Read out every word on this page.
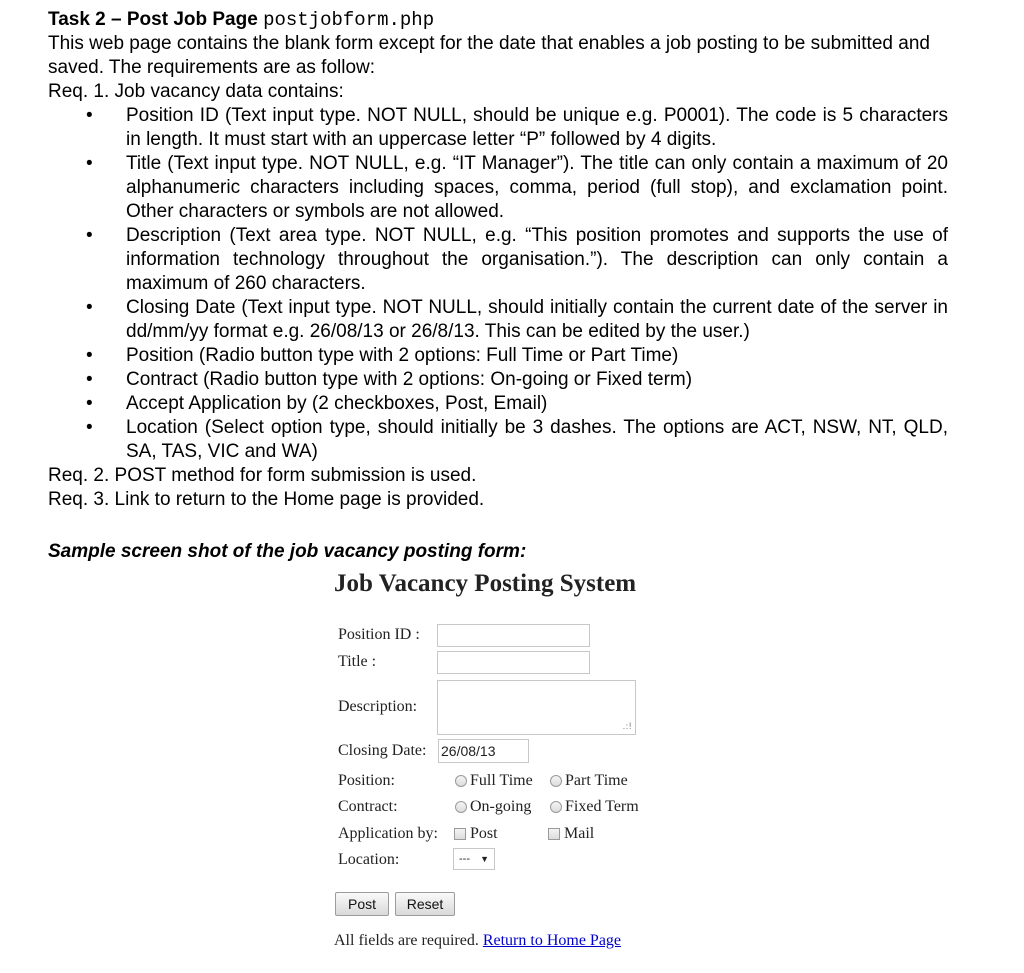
Task 2 – Post Job Page postjobform.php
This web page contains the blank form except for the date that enables a job posting to be submitted and saved. The requirements are as follow:
Req. 1. Job vacancy data contains:
• Position ID (Text input type. NOT NULL, should be unique e.g. P0001). The code is 5 characters in length. It must start with an uppercase letter “P” followed by 4 digits.
• Title (Text input type. NOT NULL, e.g. “IT Manager”). The title can only contain a maximum of 20 alphanumeric characters including spaces, comma, period (full stop), and exclamation point. Other characters or symbols are not allowed.
• Description (Text area type. NOT NULL, e.g. “This position promotes and supports the use of information technology throughout the organisation.”). The description can only contain a maximum of 260 characters.
• Closing Date (Text input type. NOT NULL, should initially contain the current date of the server in dd/mm/yy format e.g. 26/08/13 or 26/8/13. This can be edited by the user.)
• Position (Radio button type with 2 options: Full Time or Part Time)
• Contract (Radio button type with 2 options: On-going or Fixed term)
• Accept Application by (2 checkboxes, Post, Email)
• Location (Select option type, should initially be 3 dashes. The options are ACT, NSW, NT, QLD, SA, TAS, VIC and WA)
Req. 2. POST method for form submission is used.
Req. 3. Link to return to the Home page is provided.
Sample screen shot of the job vacancy posting form:
Job Vacancy Posting System
Position ID :
Title :
Description:
.:!
Closing Date: 26/08/13
Position:	Full Time Part Time
Contract:	On-going Fixed Term
Application by: Post	Mail
Location:	--- ▼
Post	Reset
All fields are required. Return to Home Page
